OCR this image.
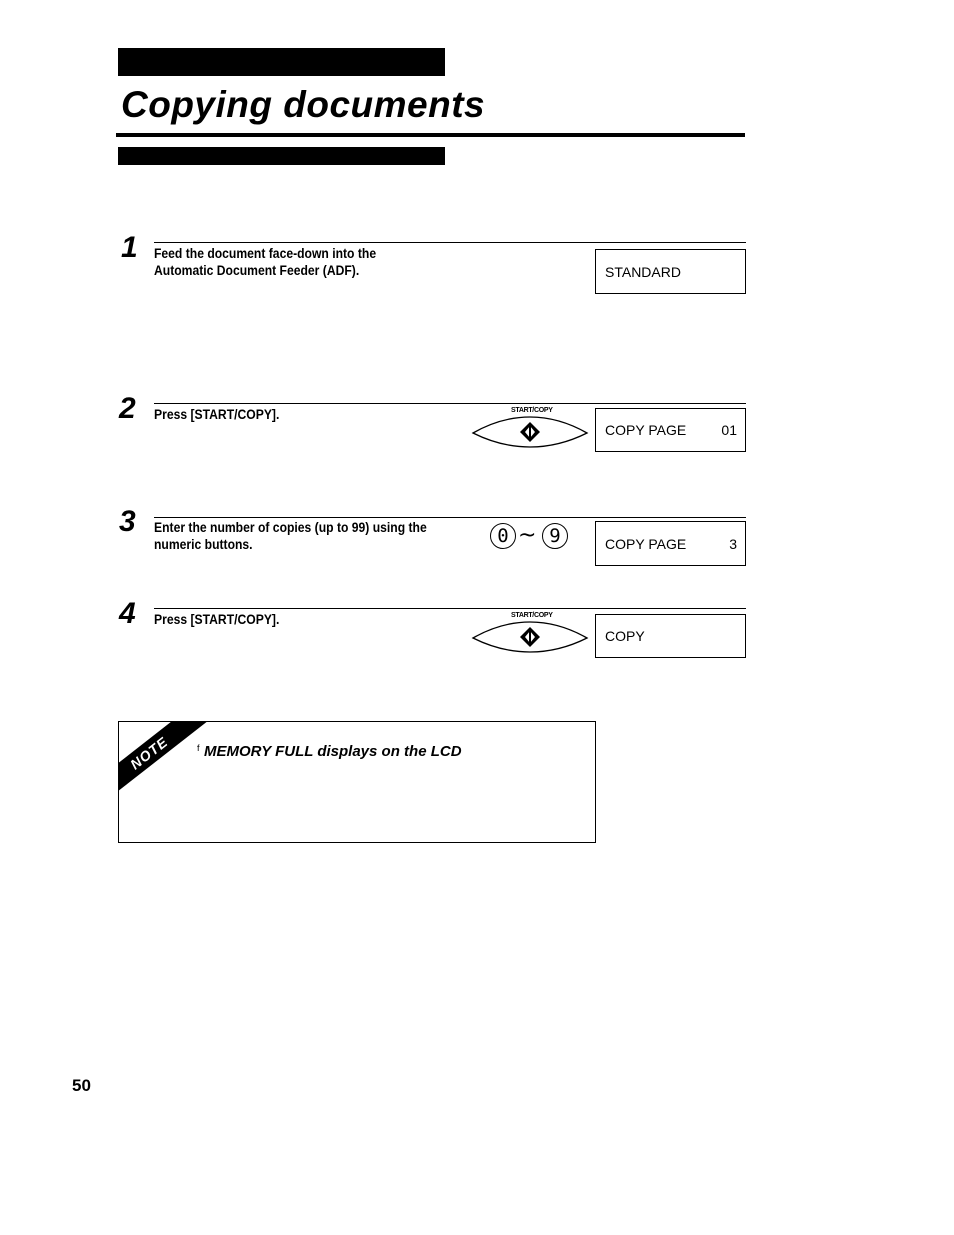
Copying documents
1 Feed the document face-down into the Automatic Document Feeder (ADF).	STANDARD
2 Press [START/COPY].	START/COPY
COPY PAGE	01
3 Enter the number of copies (up to 99) using the numeric buttons.	0 ~ 9	COPY PAGE	3
4 Press [START/COPY].	START/COPY
COPY
NOTE	f MEMORY FULL displays on the LCD
50
